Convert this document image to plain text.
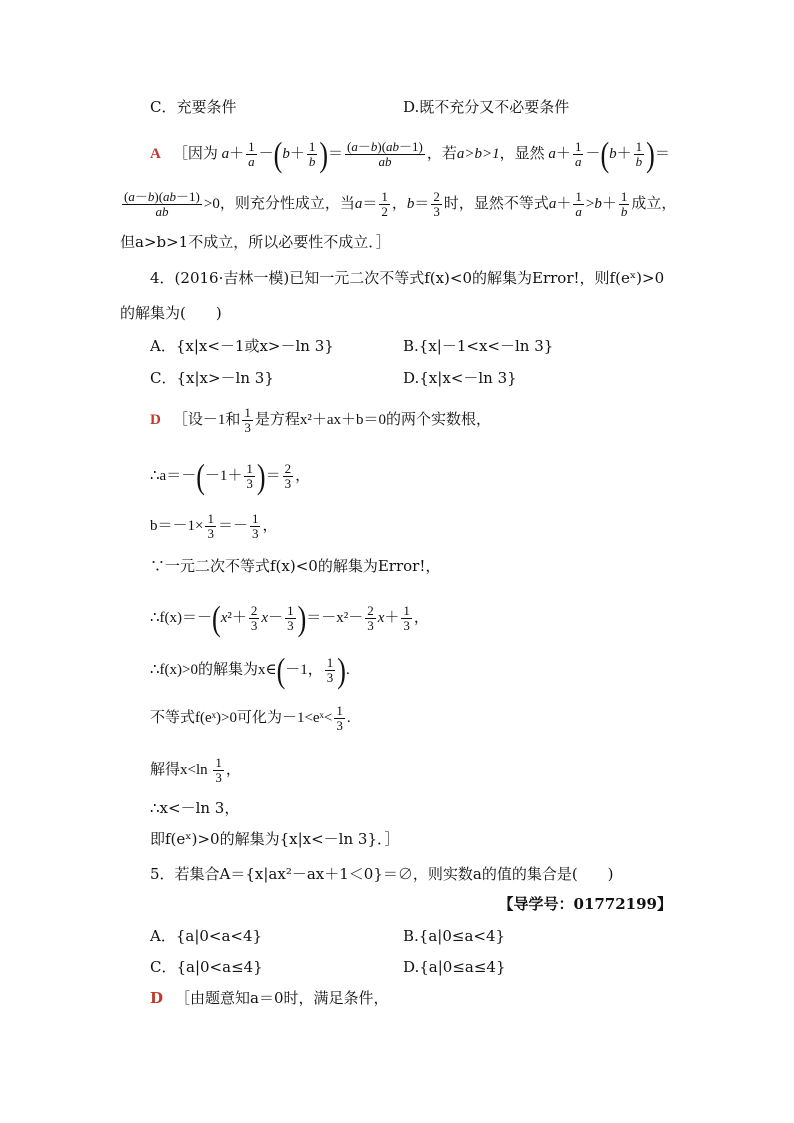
C．充要条件	D.既不充分又不必要条件
A ［因为 $a+ \frac{1}{a} -(b+ \frac{1}{b}$ )＝ $\frac{(a-b)(ab-1)}{ab}$ ，若a>b>1，显然 $a+ \frac{1}{a} -(b+ \frac{1}{b}$ )＝
$\frac{(a-b)(ab-1)}{ab} >0$，则充分性成立，当$a= \frac{1}{2}$ ，$b= \frac{2}{3}$ 时，显然不等式$a+ \frac{1}{a} >b+ \frac{1}{b}$ 成立，
但a>b>1不成立，所以必要性不成立．］
4．(2016·吉林一模)已知一元二次不等式f(x)<0的解集为Error!，则f(eˣ)>0
的解集为(　　)
A．{x|x<－1或x>－ln 3}	B.{x|－1<x<－ln 3}
C．{x|x>－ln 3}	D.{x|x<－ln 3}
D ［设－1和 $\frac{1}{3}$ 是方程x²＋ax＋b＝0的两个实数根，
∴a＝－(－1＋ $\frac{1}{3}$ )＝ $\frac{2}{3}$ ，
$b=-1\times \frac{1}{3} =- \frac{1}{3}$ ，
∵一元二次不等式f(x)<0的解集为Error!，
∴f(x)＝－(x²＋ $\frac{2}{3} x- \frac{1}{3} )=-x^2- \frac{2}{3} x+ \frac{1}{3}$ ，
∴f(x)>0的解集为x∈(－1， $\frac{1}{3}$ ).
不等式f(eˣ)>0可化为－1<eˣ< $\frac{1}{3}$ .
解得$x<\ln \frac{1}{3}$ ，
∴x<－ln 3，
即f(eˣ)>0的解集为{x|x<－ln 3}．］
5．若集合A＝{x|ax²－ax＋1＜0}＝∅，则实数a的值的集合是(　　)
【导学号：01772199】
A．{a|0<a<4}	B.{a|0≤a<4}
C．{a|0<a≤4}	D.{a|0≤a≤4}
D ［由题意知a＝0时，满足条件，
